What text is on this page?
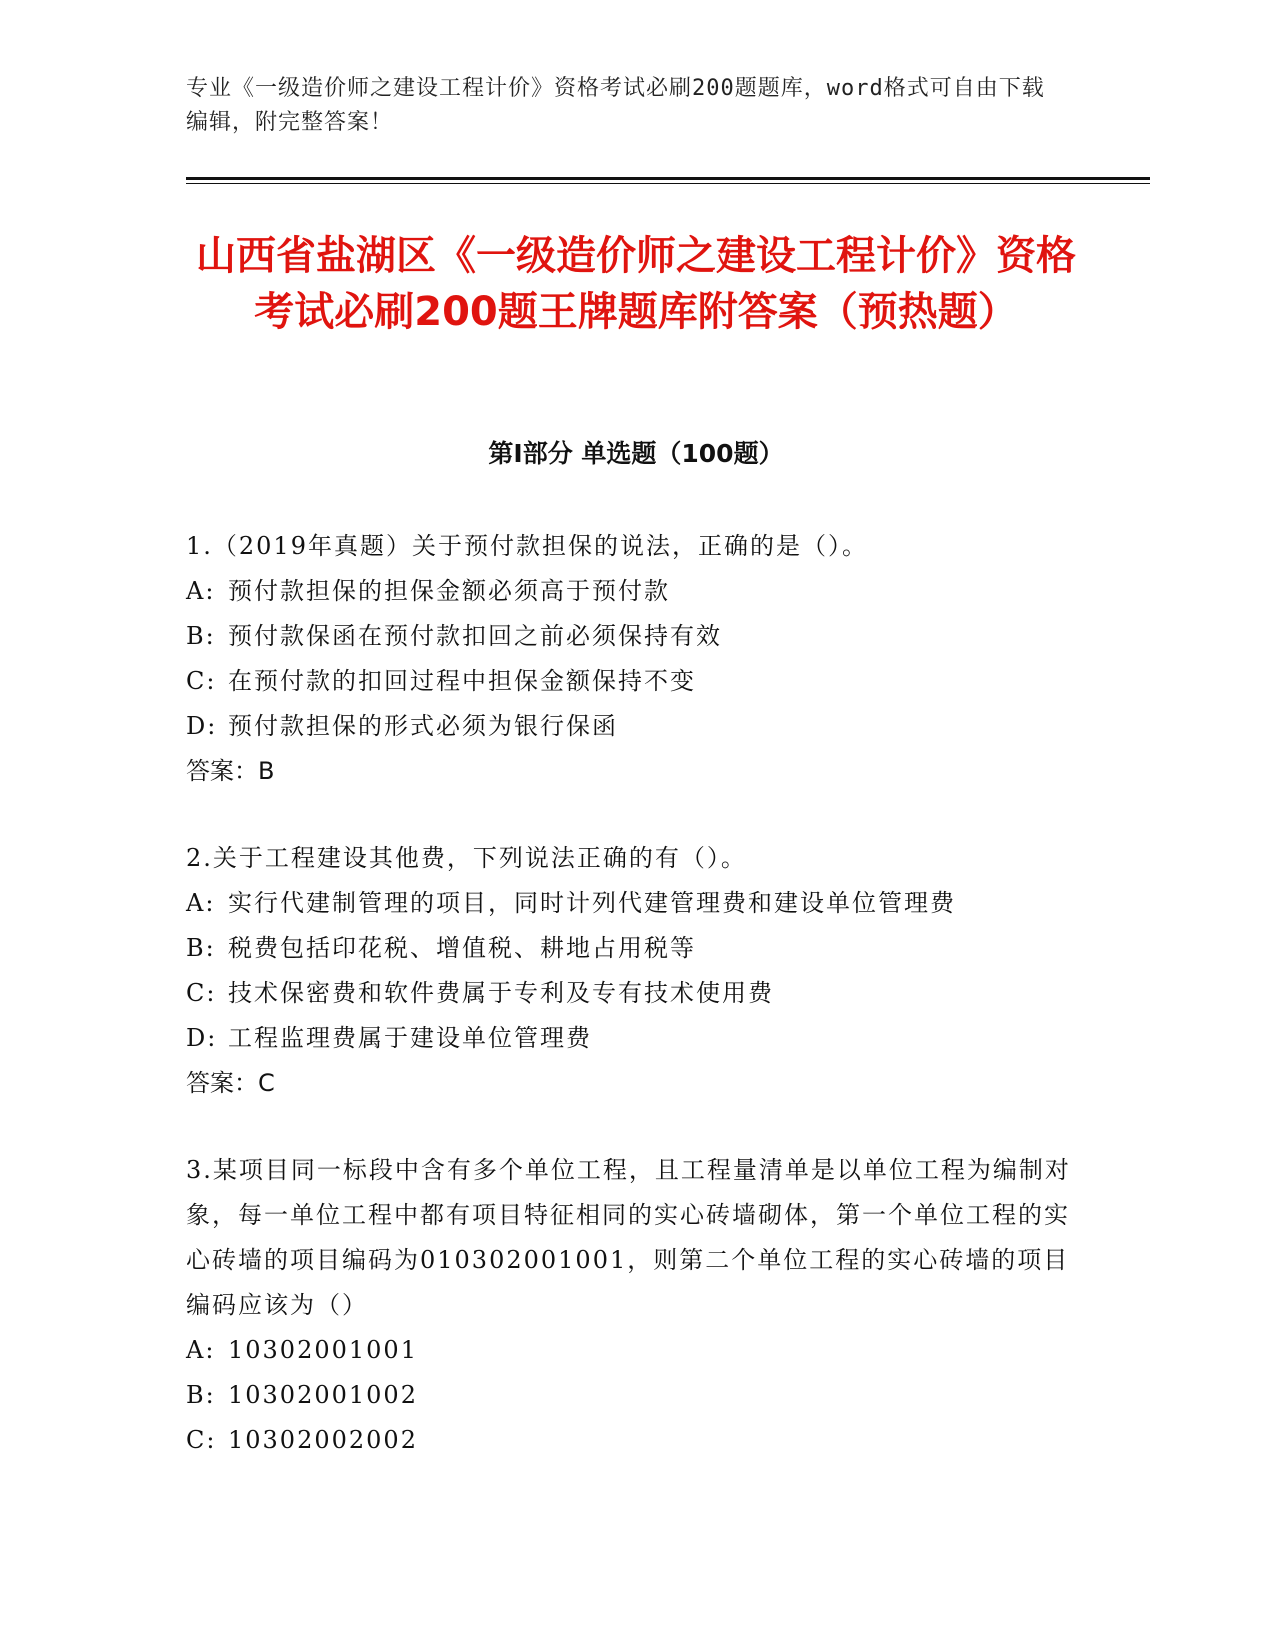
专业《一级造价师之建设工程计价》资格考试必刷200题题库，word格式可自由下载编辑，附完整答案！

山西省盐湖区《一级造价师之建设工程计价》资格考试必刷200题王牌题库附答案（预热题）
第Ⅰ部分 单选题（100题）

1.（2019年真题）关于预付款担保的说法，正确的是（）。

A: 预付款担保的担保金额必须高于预付款

B: 预付款保函在预付款扣回之前必须保持有效

C: 在预付款的扣回过程中担保金额保持不变

D: 预付款担保的形式必须为银行保函

答案：B

2.关于工程建设其他费，下列说法正确的有（）。

A: 实行代建制管理的项目，同时计列代建管理费和建设单位管理费

B: 税费包括印花税、增值税、耕地占用税等

C: 技术保密费和软件费属于专利及专有技术使用费

D: 工程监理费属于建设单位管理费

答案：C

3.某项目同一标段中含有多个单位工程，且工程量清单是以单位工程为编制对象，每一单位工程中都有项目特征相同的实心砖墙砌体，第一个单位工程的实心砖墙的项目编码为010302001001，则第二个单位工程的实心砖墙的项目编码应该为（）

A: 10302001001

B: 10302001002

C: 10302002002
